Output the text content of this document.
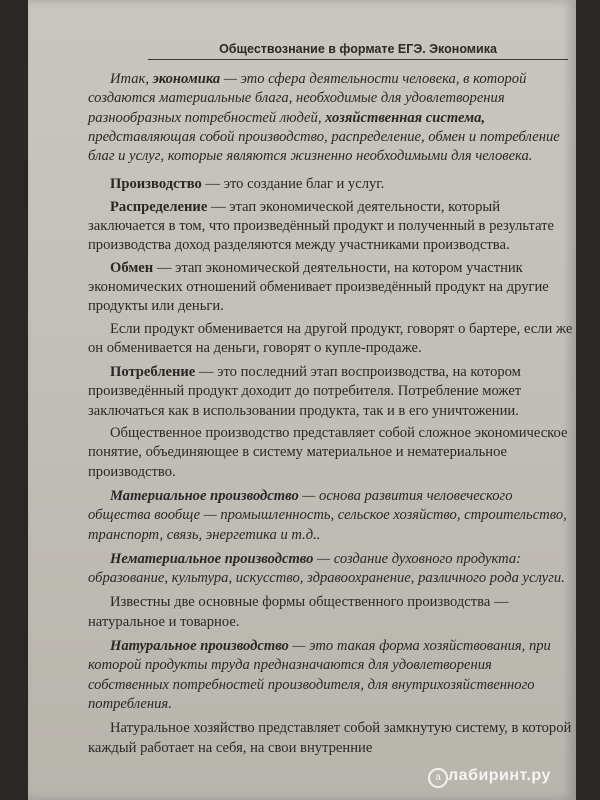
Обществознание в формате ЕГЭ. Экономика

Итак, экономика — это сфера деятельности человека, в которой создаются материальные блага, необходимые для удовлетворения разнообразных потребностей людей, хозяйственная система, представляющая собой производство, распределение, обмен и потребление благ и услуг, которые являются жизненно необходимыми для человека.

Производство — это создание благ и услуг.

Распределение — этап экономической деятельности, который заключается в том, что произведённый продукт и полученный в результате производства доход разделяются между участниками производства.

Обмен — этап экономической деятельности, на котором участник экономических отношений обменивает произведённый продукт на другие продукты или деньги.

Если продукт обменивается на другой продукт, говорят о бартере, если же он обменивается на деньги, говорят о купле-продаже.

Потребление — это последний этап воспроизводства, на котором произведённый продукт доходит до потребителя. Потребление может заключаться как в использовании продукта, так и в его уничтожении.

Общественное производство представляет собой сложное экономическое понятие, объединяющее в систему материальное и нематериальное производство.

Материальное производство — основа развития человеческого общества вообще — промышленность, сельское хозяйство, строительство, транспорт, связь, энергетика и т.д..

Нематериальное производство — создание духовного продукта: образование, культура, искусство, здравоохранение, различного рода услуги.

Известны две основные формы общественного производства — натуральное и товарное.

Натуральное производство — это такая форма хозяйствования, при которой продукты труда предназначаются для удовлетворения собственных потребностей производителя, для внутрихозяйственного потребления.

Натуральное хозяйство представляет собой замкнутую систему, в которой каждый работает на себя, на свои внутренние

a лабиринт.ру
